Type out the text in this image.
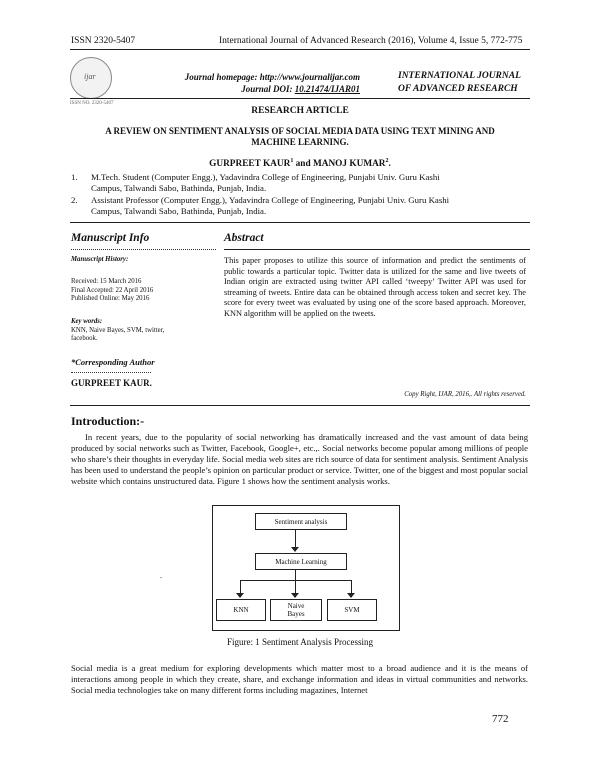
ISSN 2320-5407	International Journal of Advanced Research (2016), Volume 4, Issue 5, 772-775
ijar
ISSN NO. 2320-5407
Journal homepage: http://www.journalijar.com
Journal DOI: 10.21474/IJAR01
INTERNATIONAL JOURNAL
OF ADVANCED RESEARCH
RESEARCH ARTICLE
A REVIEW ON SENTIMENT ANALYSIS OF SOCIAL MEDIA DATA USING TEXT MINING AND
MACHINE LEARNING.
GURPREET KAUR$^1$ and MANOJ KUMAR$^2$.
1. M.Tech. Student (Computer Engg.), Yadavindra College of Engineering, Punjabi Univ. Guru Kashi
Campus, Talwandi Sabo, Bathinda, Punjab, India.
2. Assistant Professor (Computer Engg.), Yadavindra College of Engineering, Punjabi Univ. Guru Kashi
Campus, Talwandi Sabo, Bathinda, Punjab, India.
Manuscript Info
Manuscript History:
Received: 15 March 2016
Final Accepted: 22 April 2016
Published Online: May 2016
Key words:
KNN, Naive Bayes, SVM, twitter,
facebook.
*Corresponding Author
GURPREET KAUR.
Abstract
This paper proposes to utilize this source of information and predict the sentiments of public towards a particular topic. Twitter data is utilized for the same and live tweets of Indian origin are extracted using twitter API called ‘tweepy’ Twitter API was used for streaming of tweets. Entire data can be obtained through access token and secret key. The score for every tweet was evaluated by using one of the score based approach. Moreover, KNN algorithm will be applied on the tweets.
Copy Right, IJAR, 2016,. All rights reserved.
Introduction:-
In recent years, due to the popularity of social networking has dramatically increased and the vast amount of data being produced by social networks such as Twitter, Facebook, Google+, etc.,. Social networks become popular among millions of people who share’s their thoughts in everyday life. Social media web sites are rich source of data for sentiment analysis. Sentiment Analysis has been used to understand the people’s opinion on particular product or service. Twitter, one of the biggest and most popular social website which contains unstructured data. Figure 1 shows how the sentiment analysis works.
Sentiment analysis
Machine Learning
KNN	Naive
Bayes	SVM
.
Figure: 1 Sentiment Analysis Processing
Social media is a great medium for exploring developments which matter most to a broad audience and it is the means of interactions among people in which they create, share, and exchange information and ideas in virtual communities and networks. Social media technologies take on many different forms including magazines, Internet
772
